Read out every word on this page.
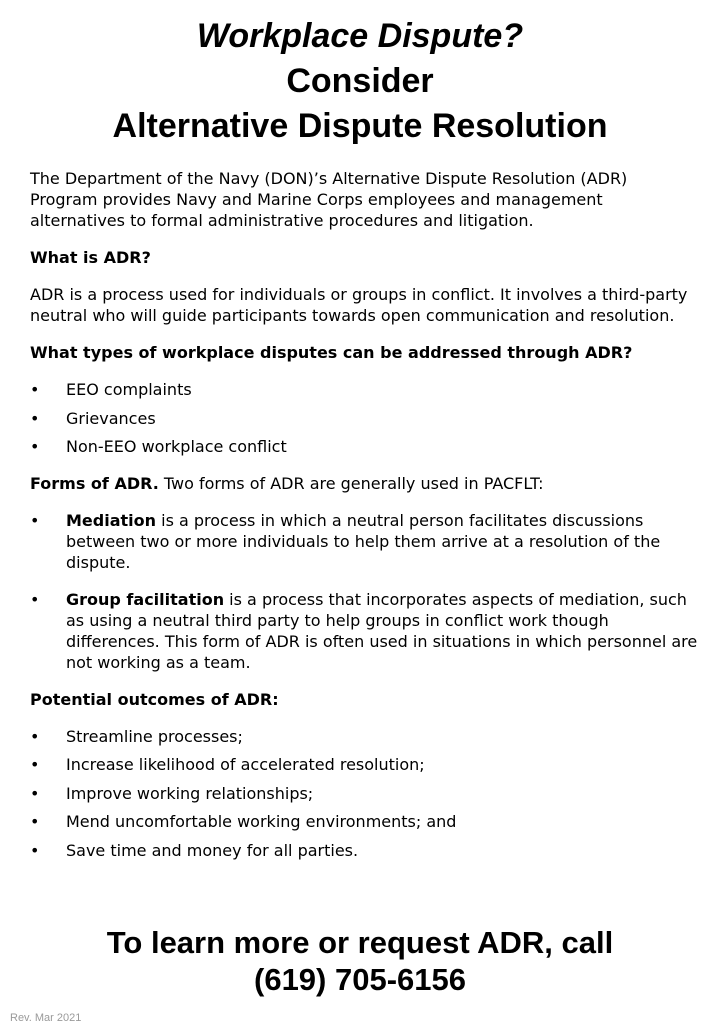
Workplace Dispute?
Consider
Alternative Dispute Resolution

The Department of the Navy (DON)’s Alternative Dispute Resolution (ADR) Program provides Navy and Marine Corps employees and management alternatives to formal administrative procedures and litigation.

What is ADR?

ADR is a process used for individuals or groups in conflict. It involves a third-party neutral who will guide participants towards open communication and resolution.

What types of workplace disputes can be addressed through ADR?

• EEO complaints
• Grievances
• Non-EEO workplace conflict

Forms of ADR. Two forms of ADR are generally used in PACFLT:

• Mediation is a process in which a neutral person facilitates discussions between two or more individuals to help them arrive at a resolution of the dispute.
• Group facilitation is a process that incorporates aspects of mediation, such as using a neutral third party to help groups in conflict work though differences. This form of ADR is often used in situations in which personnel are not working as a team.

Potential outcomes of ADR:

• Streamline processes;
• Increase likelihood of accelerated resolution;
• Improve working relationships;
• Mend uncomfortable working environments; and
• Save time and money for all parties.
To learn more or request ADR, call
(619) 705-6156
Rev. Mar 2021
